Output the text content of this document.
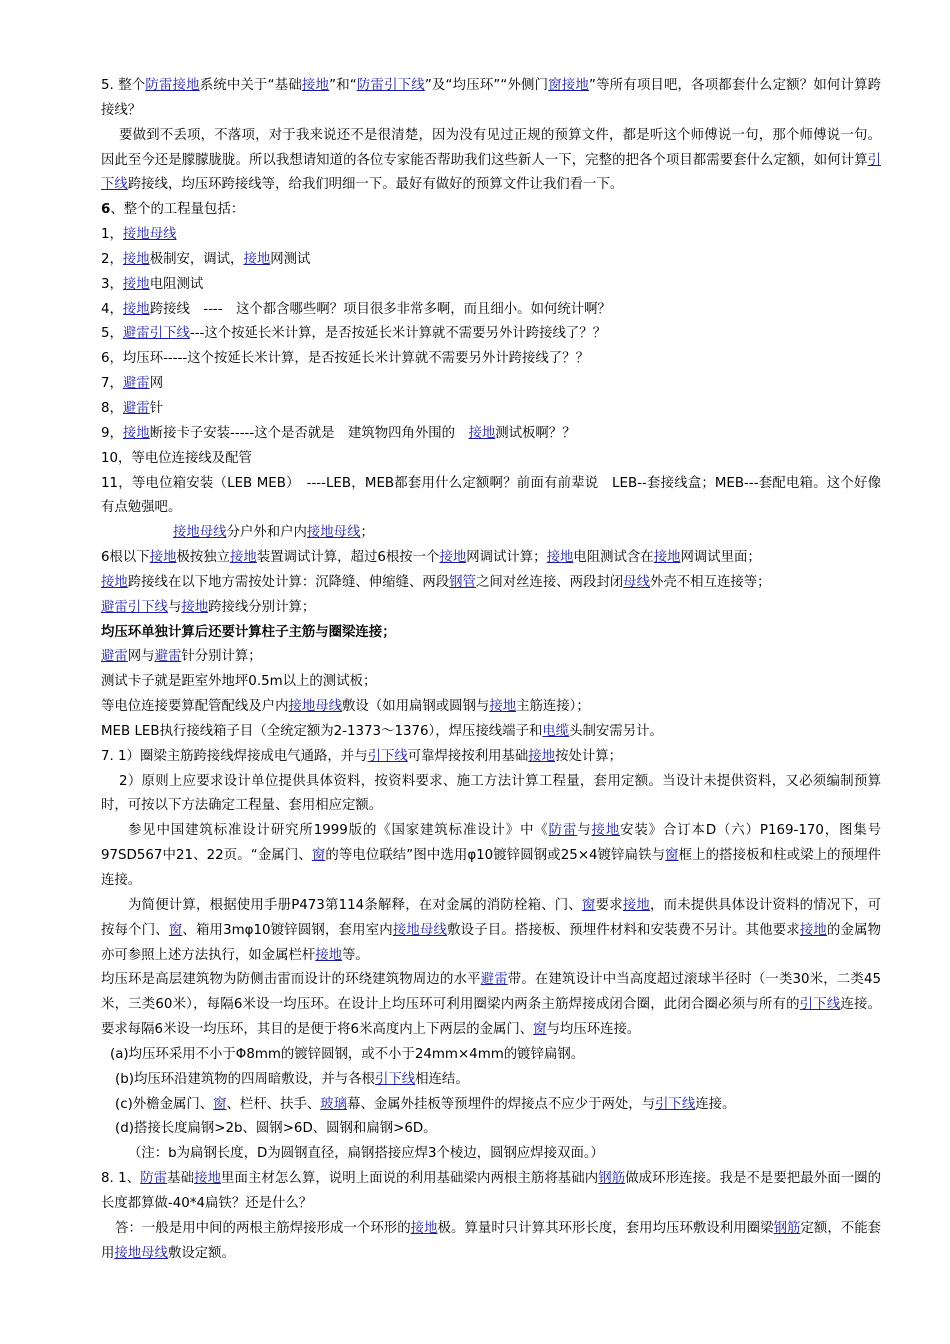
5. 整个防雷接地系统中关于“基础接地”和“防雷引下线”及“均压环”“外侧门窗接地”等所有项目吧，各项都套什么定额？如何计算跨接线？
要做到不丢项，不落项，对于我来说还不是很清楚，因为没有见过正规的预算文件，都是听这个师傅说一句，那个师傅说一句。因此至今还是朦朦胧胧。所以我想请知道的各位专家能否帮助我们这些新人一下，完整的把各个项目都需要套什么定额，如何计算引下线跨接线，均压环跨接线等，给我们明细一下。最好有做好的预算文件让我们看一下。
6、整个的工程量包括：
1，接地母线
2，接地极制安，调试，接地网测试
3，接地电阻测试
4，接地跨接线　----　这个都含哪些啊？项目很多非常多啊，而且细小。如何统计啊？
5，避雷引下线---这个按延长米计算，是否按延长米计算就不需要另外计跨接线了？？
6，均压环-----这个按延长米计算，是否按延长米计算就不需要另外计跨接线了？？
7，避雷网
8，避雷针
9，接地断接卡子安装-----这个是否就是　建筑物四角外围的　接地测试板啊？？
10，等电位连接线及配管
11，等电位箱安装（LEB MEB）　----LEB，MEB都套用什么定额啊？前面有前辈说　LEB--套接线盒；MEB---套配电箱。这个好像有点勉强吧。
接地母线分户外和户内接地母线；
6根以下接地极按独立接地装置调试计算，超过6根按一个接地网调试计算；接地电阻测试含在接地网调试里面；
接地跨接线在以下地方需按处计算：沉降缝、伸缩缝、两段钢管之间对丝连接、两段封闭母线外壳不相互连接等；
避雷引下线与接地跨接线分别计算；
均压环单独计算后还要计算柱子主筋与圈梁连接；
避雷网与避雷针分别计算；
测试卡子就是距室外地坪0.5m以上的测试板；
等电位连接要算配管配线及户内接地母线敷设（如用扁钢或圆钢与接地主筋连接）；
MEB LEB执行接线箱子目（全统定额为2-1373～1376），焊压接线端子和电缆头制安需另计。
7. 1）圈梁主筋跨接线焊接成电气通路，并与引下线可靠焊接按利用基础接地按处计算；
2）原则上应要求设计单位提供具体资料，按资料要求、施工方法计算工程量，套用定额。当设计未提供资料，又必须编制预算时，可按以下方法确定工程量、套用相应定额。
参见中国建筑标准设计研究所1999版的《国家建筑标准设计》中《防雷与接地安装》合订本D（六）P169-170，图集号97SD567中21、22页。“金属门、窗的等电位联结”图中选用φ10镀锌圆钢或25×4镀锌扁铁与窗框上的搭接板和柱或梁上的预埋件连接。
为简便计算，根据使用手册P473第114条解释，在对金属的消防栓箱、门、窗要求接地，而未提供具体设计资料的情况下，可按每个门、窗、箱用3mφ10镀锌圆钢，套用室内接地母线敷设子目。搭接板、预埋件材料和安装费不另计。其他要求接地的金属物亦可参照上述方法执行，如金属栏杆接地等。
均压环是高层建筑物为防侧击雷而设计的环绕建筑物周边的水平避雷带。在建筑设计中当高度超过滚球半径时（一类30米，二类45米，三类60米），每隔6米设一均压环。在设计上均压环可利用圈梁内两条主筋焊接成闭合圈，此闭合圈必须与所有的引下线连接。要求每隔6米设一均压环，其目的是便于将6米高度内上下两层的金属门、窗与均压环连接。
(a)均压环采用不小于Φ8mm的镀锌圆钢，或不小于24mm×4mm的镀锌扁钢。
(b)均压环沿建筑物的四周暗敷设，并与各根引下线相连结。
(c)外檐金属门、窗、栏杆、扶手、玻璃幕、金属外挂板等预埋件的焊接点不应少于两处，与引下线连接。
(d)搭接长度扁钢>2b、圆钢>6D、圆钢和扁钢>6D。
（注：b为扁钢长度，D为圆钢直径，扁钢搭接应焊3个棱边，圆钢应焊接双面。）
8. 1、防雷基础接地里面主材怎么算，说明上面说的利用基础梁内两根主筋将基础内钢筋做成环形连接。我是不是要把最外面一圈的长度都算做-40*4扁铁？还是什么？
答：一般是用中间的两根主筋焊接形成一个环形的接地极。算量时只计算其环形长度，套用均压环敷设利用圈梁钢筋定额，不能套用接地母线敷设定额。
